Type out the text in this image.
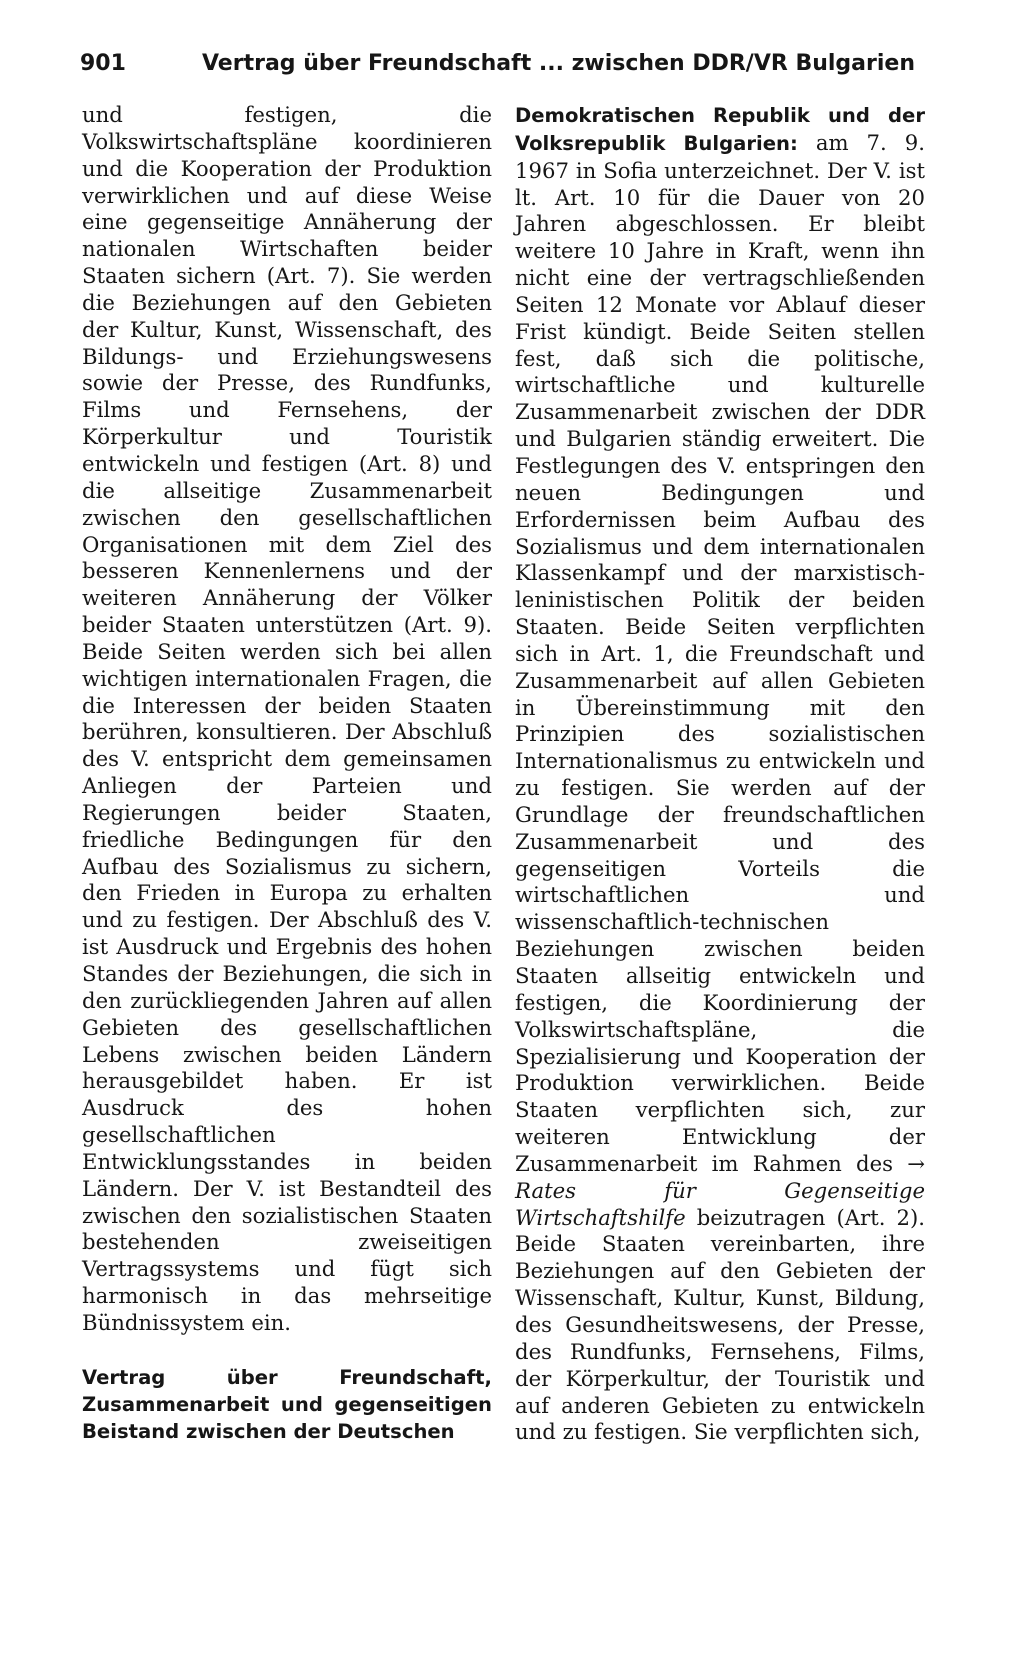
901	Vertrag über Freundschaft ... zwischen DDR/VR Bulgarien

und festigen, die Volkswirtschaftspläne koordinieren und die Kooperation der Produktion verwirklichen und auf diese Weise eine gegenseitige Annäherung der nationalen Wirtschaften beider Staaten sichern (Art. 7). Sie werden die Beziehungen auf den Gebieten der Kultur, Kunst, Wissenschaft, des Bildungs- und Erziehungswesens sowie der Presse, des Rundfunks, Films und Fernsehens, der Körperkultur und Touristik entwickeln und festigen (Art. 8) und die allseitige Zusammenarbeit zwischen den gesellschaftlichen Organisationen mit dem Ziel des besseren Kennenlernens und der weiteren Annäherung der Völker beider Staaten unterstützen (Art. 9). Beide Seiten werden sich bei allen wichtigen internationalen Fragen, die die Interessen der beiden Staaten berühren, konsultieren. Der Abschluß des V. entspricht dem gemeinsamen Anliegen der Parteien und Regierungen beider Staaten, friedliche Bedingungen für den Aufbau des Sozialismus zu sichern, den Frieden in Europa zu erhalten und zu festigen. Der Abschluß des V. ist Ausdruck und Ergebnis des hohen Standes der Beziehungen, die sich in den zurückliegenden Jahren auf allen Gebieten des gesellschaftlichen Lebens zwischen beiden Ländern herausgebildet haben. Er ist Ausdruck des hohen gesellschaftlichen Entwicklungsstandes in beiden Ländern. Der V. ist Bestandteil des zwischen den sozialistischen Staaten bestehenden zweiseitigen Vertragssystems und fügt sich harmonisch in das mehrseitige Bündnissystem ein.

Vertrag über Freundschaft, Zusammenarbeit und gegenseitigen Beistand zwischen der Deutschen

Demokratischen Republik und der Volksrepublik Bulgarien: am 7. 9. 1967 in Sofia unterzeichnet. Der V. ist lt. Art. 10 für die Dauer von 20 Jahren abgeschlossen. Er bleibt weitere 10 Jahre in Kraft, wenn ihn nicht eine der vertragschließenden Seiten 12 Monate vor Ablauf dieser Frist kündigt. Beide Seiten stellen fest, daß sich die politische, wirtschaftliche und kulturelle Zusammenarbeit zwischen der DDR und Bulgarien ständig erweitert. Die Festlegungen des V. entspringen den neuen Bedingungen und Erfordernissen beim Aufbau des Sozialismus und dem internationalen Klassenkampf und der marxistisch-leninistischen Politik der beiden Staaten. Beide Seiten verpflichten sich in Art. 1, die Freundschaft und Zusammenarbeit auf allen Gebieten in Übereinstimmung mit den Prinzipien des sozialistischen Internationalismus zu entwickeln und zu festigen. Sie werden auf der Grundlage der freundschaftlichen Zusammenarbeit und des gegenseitigen Vorteils die wirtschaftlichen und wissenschaftlich-technischen Beziehungen zwischen beiden Staaten allseitig entwickeln und festigen, die Koordinierung der Volkswirtschaftspläne, die Spezialisierung und Kooperation der Produktion verwirklichen. Beide Staaten verpflichten sich, zur weiteren Entwicklung der Zusammenarbeit im Rahmen des → Rates für Gegenseitige Wirtschaftshilfe beizutragen (Art. 2). Beide Staaten vereinbarten, ihre Beziehungen auf den Gebieten der Wissenschaft, Kultur, Kunst, Bildung, des Gesundheitswesens, der Presse, des Rundfunks, Fernsehens, Films, der Körperkultur, der Touristik und auf anderen Gebieten zu entwickeln und zu festigen. Sie verpflichten sich,
